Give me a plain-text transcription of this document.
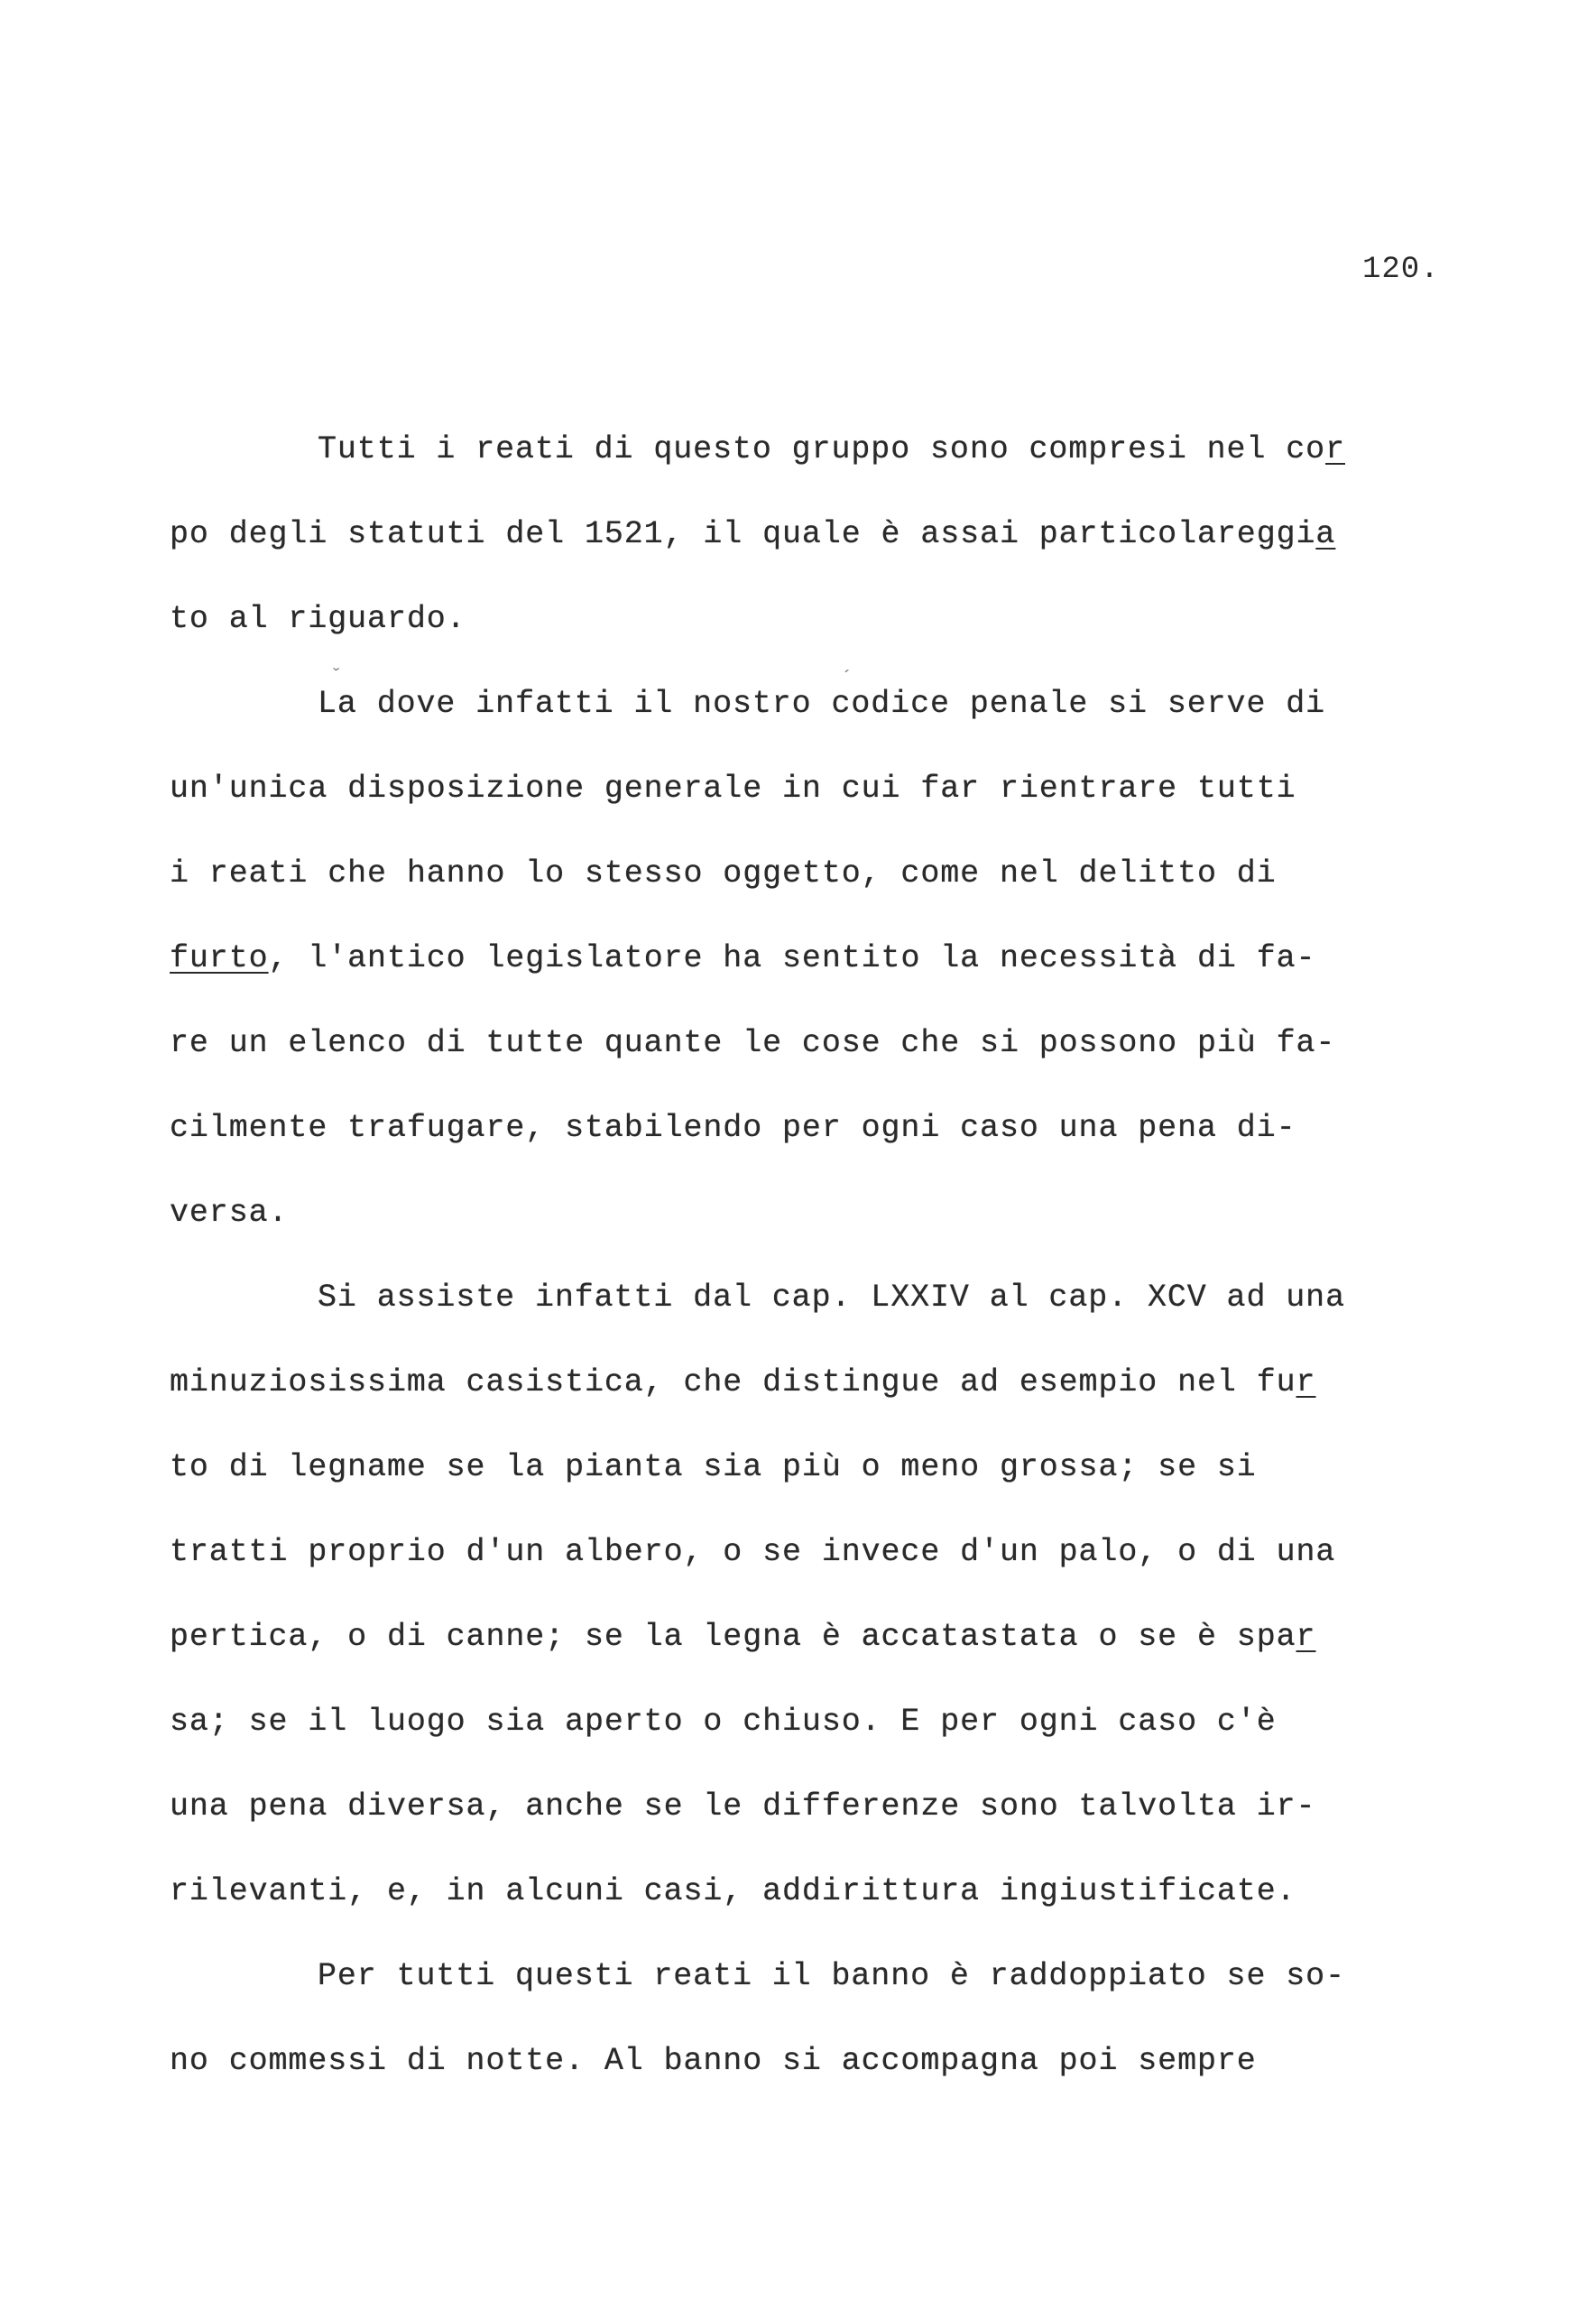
120.
Tutti i reati di questo gruppo sono compresi nel cor
po degli statuti del 1521, il quale è assai particolareggia
to al riguardo.
La dove infatti il nostro codice penale si serve di
un'unica disposizione generale in cui far rientrare tutti
i reati che hanno lo stesso oggetto, come nel delitto di
furto, l'antico legislatore ha sentito la necessità di fa-
re un elenco di tutte quante le cose che si possono più fa-
cilmente trafugare, stabilendo per ogni caso una pena di-
versa.
Si assiste infatti dal cap. LXXIV al cap. XCV ad una
minuziosissima casistica, che distingue ad esempio nel fur
to di legname se la pianta sia più o meno grossa; se si
tratti proprio d'un albero, o se invece d'un palo, o di una
pertica, o di canne; se la legna è accatastata o se è spar
sa; se il luogo sia aperto o chiuso. E per ogni caso c'è
una pena diversa, anche se le differenze sono talvolta ir-
rilevanti, e, in alcuni casi, addirittura ingiustificate.
Per tutti questi reati il banno è raddoppiato se so-
no commessi di notte. Al banno si accompagna poi sempre
ˇ	´
